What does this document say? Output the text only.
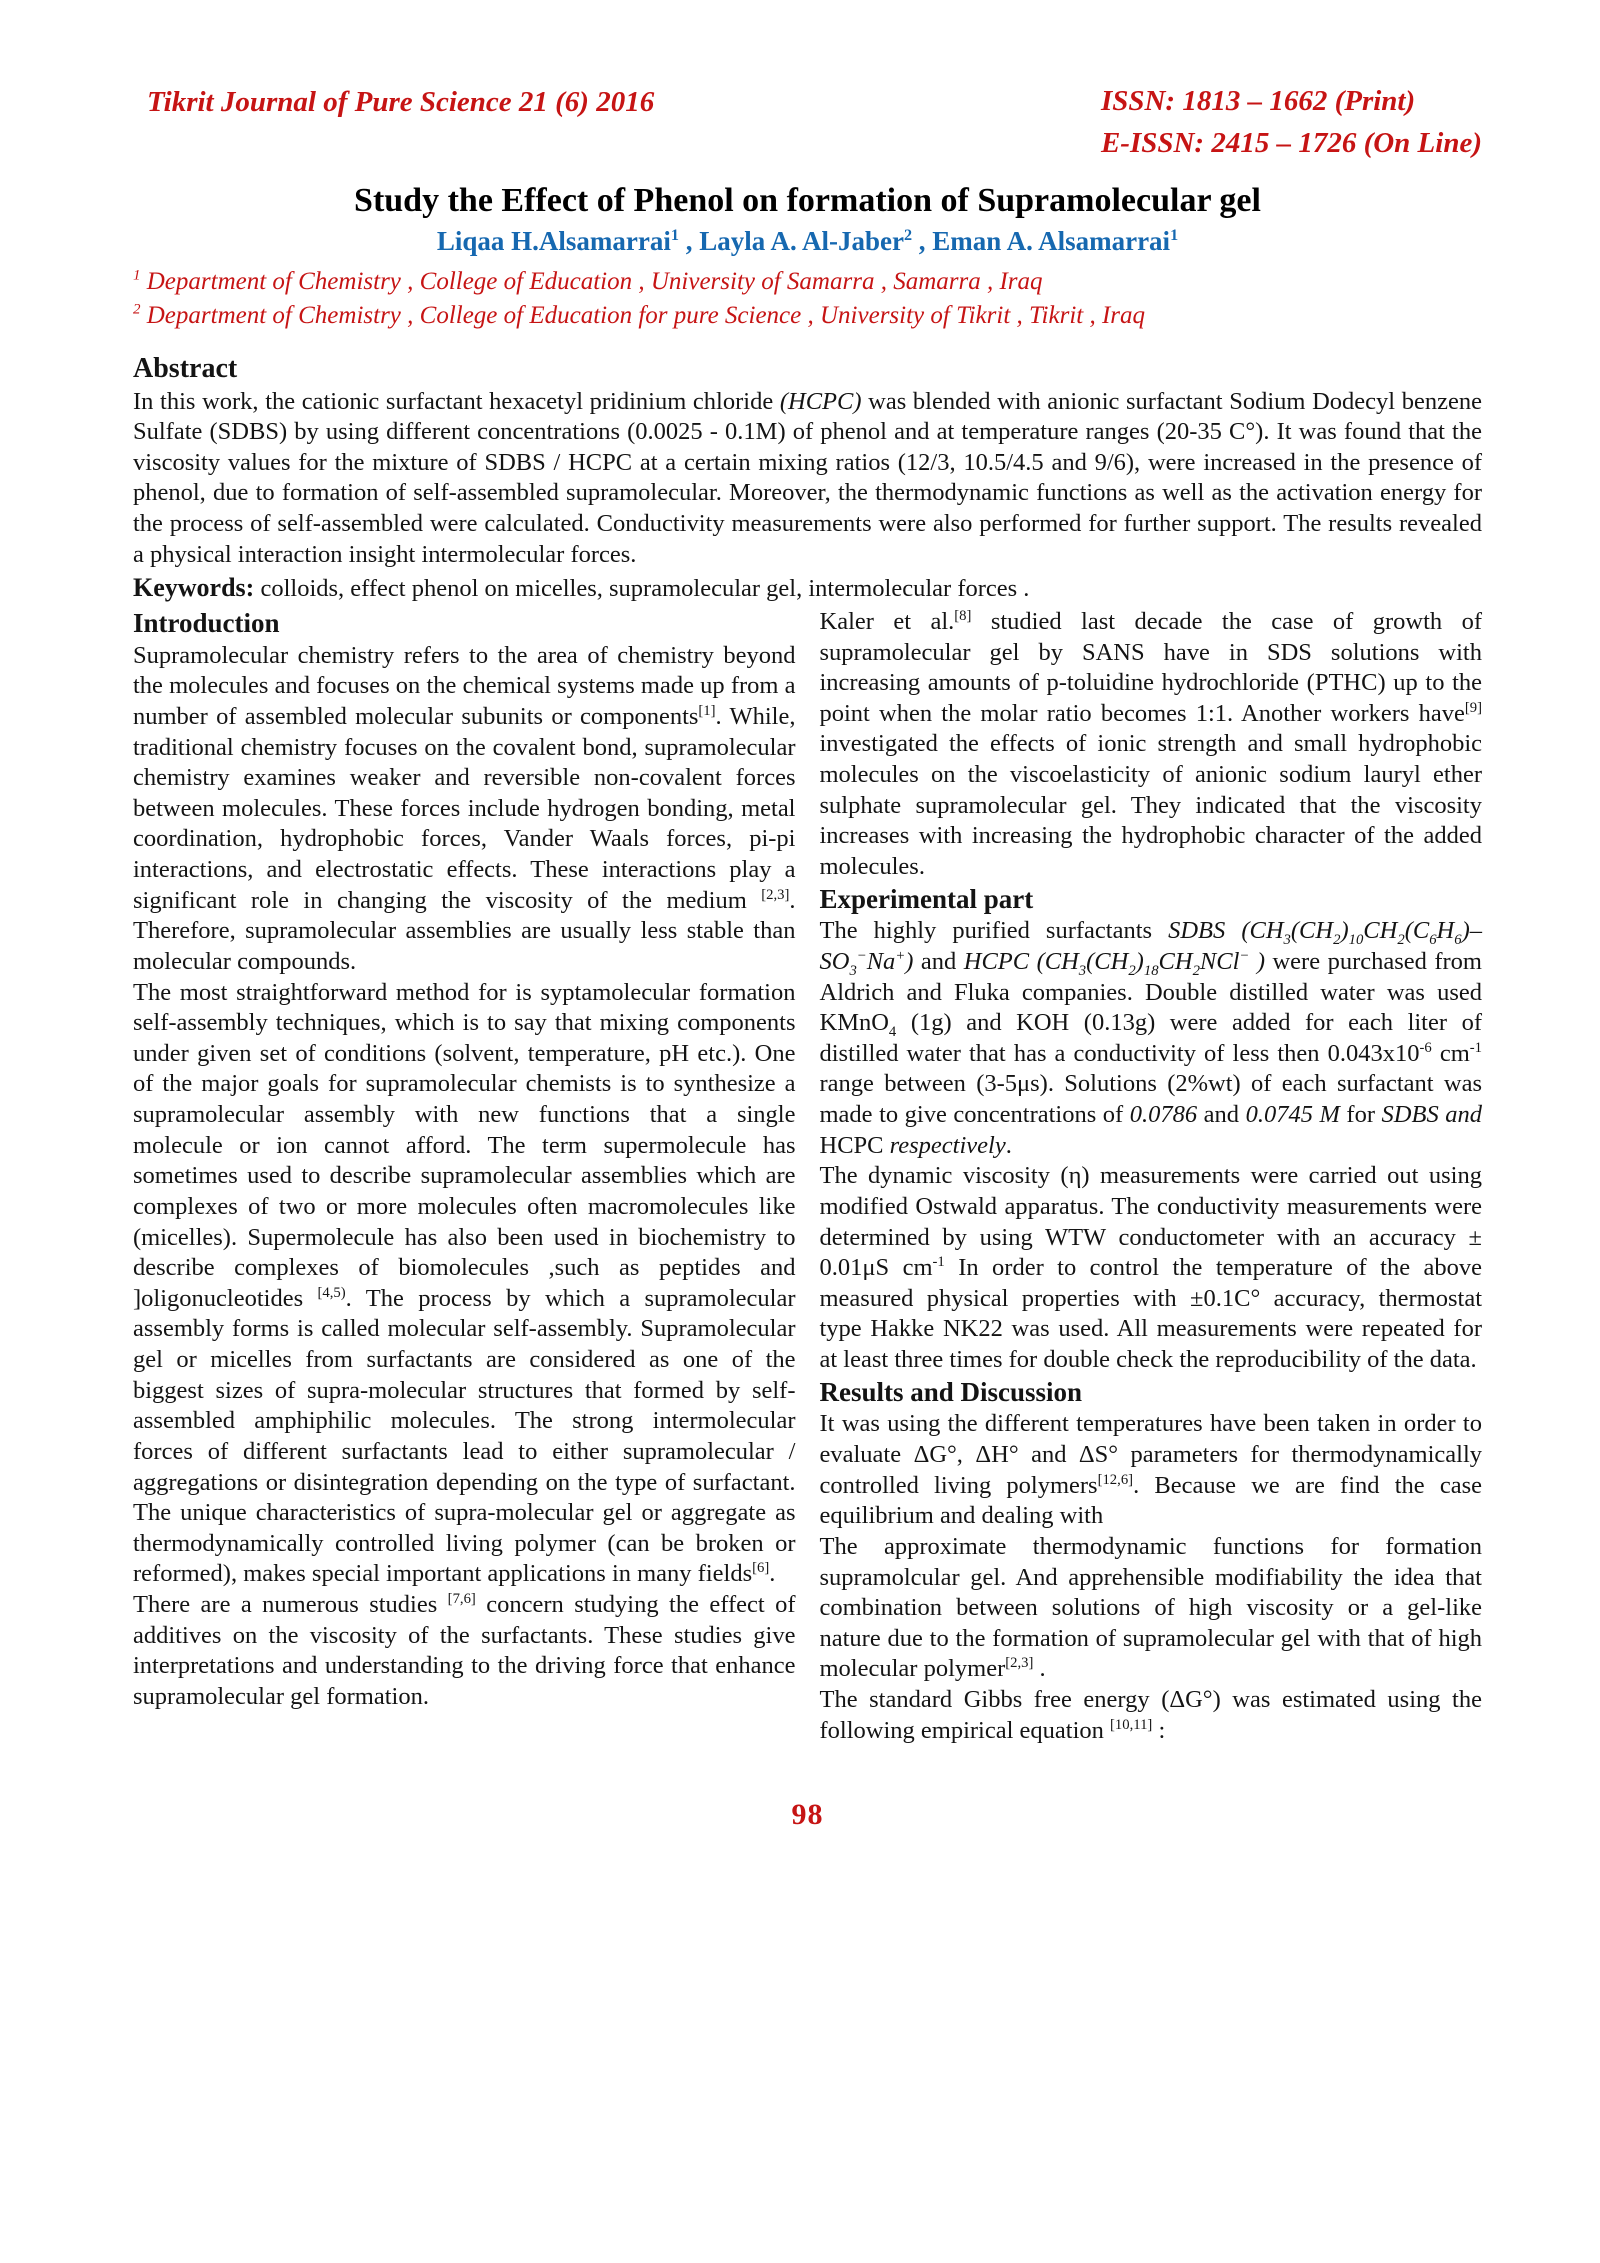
Tikrit Journal of Pure Science 21 (6) 2016	ISSN: 1813 – 1662 (Print)
E-ISSN: 2415 – 1726 (On Line)
Study the Effect of Phenol on formation of Supramolecular gel
Liqaa H.Alsamarrai$^1$ , Layla A. Al-Jaber$^2$ , Eman A. Alsamarrai$^1$
$^1$ Department of Chemistry , College of Education , University of Samarra , Samarra , Iraq
$^2$ Department of Chemistry , College of Education for pure Science , University of Tikrit , Tikrit , Iraq
Abstract
In this work, the cationic surfactant hexacetyl pridinium chloride (HCPC) was blended with anionic surfactant Sodium Dodecyl benzene Sulfate (SDBS) by using different concentrations (0.0025 - 0.1M) of phenol and at temperature ranges (20-35 C°). It was found that the viscosity values for the mixture of SDBS / HCPC at a certain mixing ratios (12/3, 10.5/4.5 and 9/6), were increased in the presence of phenol, due to formation of self-assembled supramolecular. Moreover, the thermodynamic functions as well as the activation energy for the process of self-assembled were calculated. Conductivity measurements were also performed for further support. The results revealed a physical interaction insight intermolecular forces.
Keywords: colloids, effect phenol on micelles, supramolecular gel, intermolecular forces .
Introduction

Supramolecular chemistry refers to the area of chemistry beyond the molecules and focuses on the chemical systems made up from a number of assembled molecular subunits or components[1]. While, traditional chemistry focuses on the covalent bond, supramolecular chemistry examines weaker and reversible non-covalent forces between molecules. These forces include hydrogen bonding, metal coordination, hydrophobic forces, Vander Waals forces, pi-pi interactions, and electrostatic effects. These interactions play a significant role in changing the viscosity of the medium [2,3]. Therefore, supramolecular assemblies are usually less stable than molecular compounds.

The most straightforward method for is syptamolecular formation self-assembly techniques, which is to say that mixing components under given set of conditions (solvent, temperature, pH etc.). One of the major goals for supramolecular chemists is to synthesize a supramolecular assembly with new functions that a single molecule or ion cannot afford. The term supermolecule has sometimes used to describe supramolecular assemblies which are complexes of two or more molecules often macromolecules like (micelles). Supermolecule has also been used in biochemistry to describe complexes of biomolecules ,such as peptides and ]oligonucleotides $^{[4,5)}$. The process by which a supramolecular assembly forms is called molecular self-assembly. Supramolecular gel or micelles from surfactants are considered as one of the biggest sizes of supra-molecular structures that formed by self-assembled amphiphilic molecules. The strong intermolecular forces of different surfactants lead to either supramolecular / aggregations or disintegration depending on the type of surfactant. The unique characteristics of supra-molecular gel or aggregate as thermodynamically controlled living polymer (can be broken or reformed), makes special important applications in many fields[6].

There are a numerous studies [7,6] concern studying the effect of additives on the viscosity of the surfactants. These studies give interpretations and understanding to the driving force that enhance supramolecular gel formation.

Kaler et al.[8] studied last decade the case of growth of supramolecular gel by SANS have in SDS solutions with increasing amounts of p-toluidine hydrochloride (PTHC) up to the point when the molar ratio becomes 1:1. Another workers have[9] investigated the effects of ionic strength and small hydrophobic molecules on the viscoelasticity of anionic sodium lauryl ether sulphate supramolecular gel. They indicated that the viscosity increases with increasing the hydrophobic character of the added molecules.

Experimental part

The highly purified surfactants SDBS $(CH_3(CH_2)_{10}CH_2(C_6H_6)-SO_3^-Na^+)$ and HCPC ($CH_3(CH_2)_{18}CH_2NCl^-$ ) were purchased from Aldrich and Fluka companies. Double distilled water was used KMnO$_4$ (1g) and KOH (0.13g) were added for each liter of distilled water that has a conductivity of less then $0.043x10^{-6}$ $cm^{-1}$ range between (3-5μs). Solutions (2%wt) of each surfactant was made to give concentrations of 0.0786 and 0.0745 M for SDBS and HCPC respectively.

The dynamic viscosity (η) measurements were carried out using modified Ostwald apparatus. The conductivity measurements were determined by using WTW conductometer with an accuracy ± 0.01μS $cm^{-1}$ In order to control the temperature of the above measured physical properties with ±0.1C° accuracy, thermostat type Hakke NK22 was used. All measurements were repeated for at least three times for double check the reproducibility of the data.

Results and Discussion

It was using the different temperatures have been taken in order to evaluate ΔG°, ΔH° and ΔS° parameters for thermodynamically controlled living polymers[12,6]. Because we are find the case equilibrium and dealing with

The approximate thermodynamic functions for formation supramolcular gel. And apprehensible modifiability the idea that combination between solutions of high viscosity or a gel-like nature due to the formation of supramolecular gel with that of high molecular polymer[2,3] .

The standard Gibbs free energy (ΔG°) was estimated using the following empirical equation [10,11] :

98
